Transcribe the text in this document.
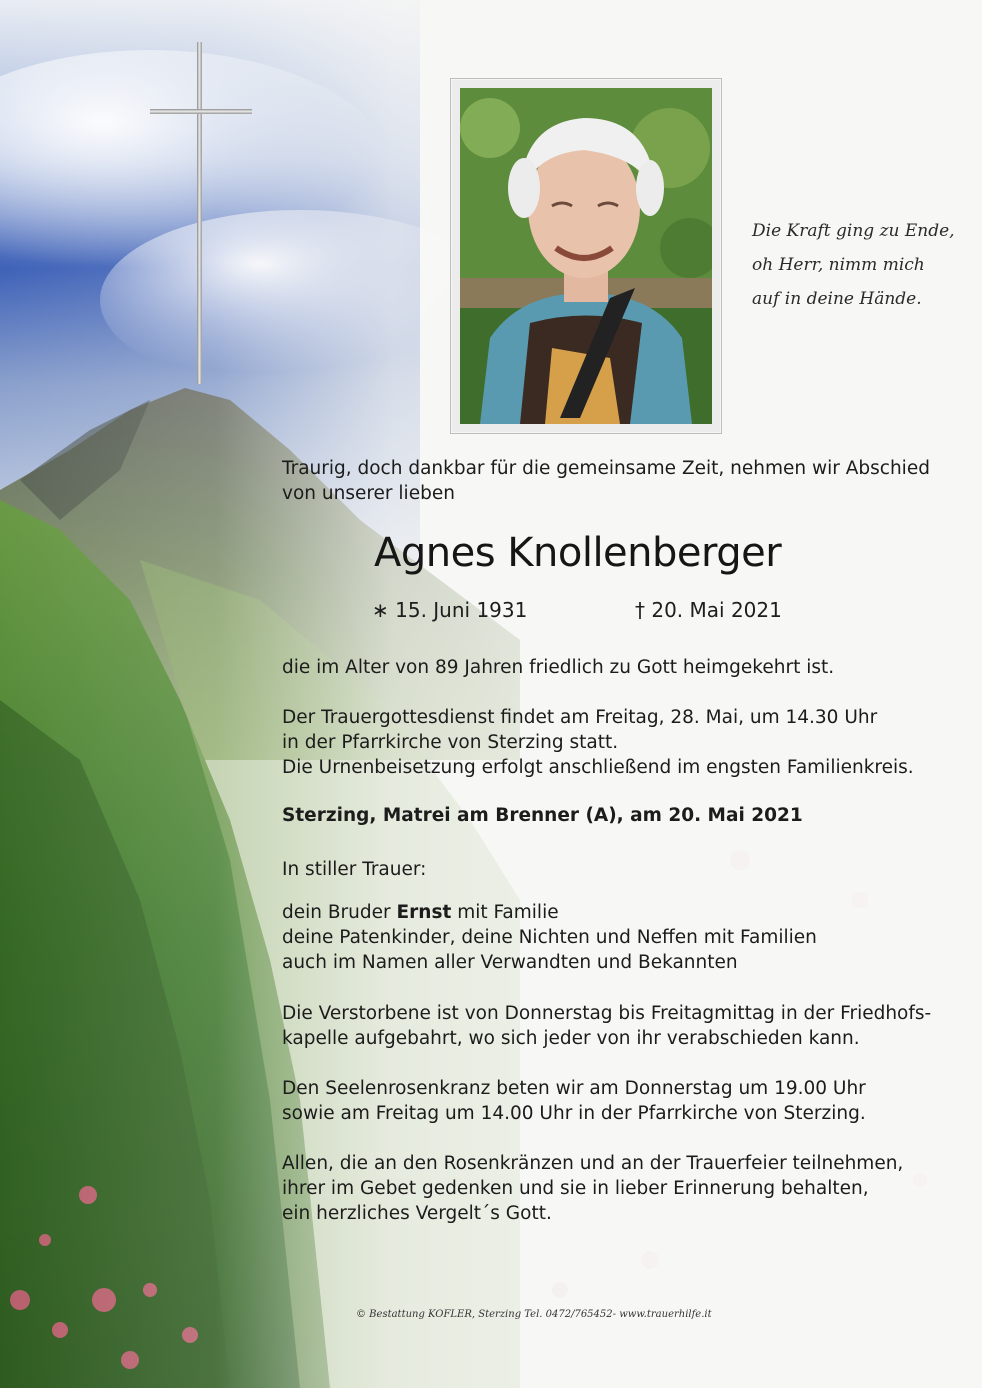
Die Kraft ging zu Ende,
oh Herr, nimm mich
auf in deine Hände.
Traurig, doch dankbar für die gemeinsame Zeit, nehmen wir Abschied
von unserer lieben
Agnes Knollenberger
∗ 15. Juni 1931	† 20. Mai 2021
die im Alter von 89 Jahren friedlich zu Gott heimgekehrt ist.
Der Trauergottesdienst findet am Freitag, 28. Mai, um 14.30 Uhr
in der Pfarrkirche von Sterzing statt.
Die Urnenbeisetzung erfolgt anschließend im engsten Familienkreis.
Sterzing, Matrei am Brenner (A), am 20. Mai 2021
In stiller Trauer:
dein Bruder Ernst mit Familie
deine Patenkinder, deine Nichten und Neffen mit Familien
auch im Namen aller Verwandten und Bekannten
Die Verstorbene ist von Donnerstag bis Freitagmittag in der Friedhofs-
kapelle aufgebahrt, wo sich jeder von ihr verabschieden kann.
Den Seelenrosenkranz beten wir am Donnerstag um 19.00 Uhr
sowie am Freitag um 14.00 Uhr in der Pfarrkirche von Sterzing.
Allen, die an den Rosenkränzen und an der Trauerfeier teilnehmen,
ihrer im Gebet gedenken und sie in lieber Erinnerung behalten,
ein herzliches Vergelt´s Gott.
© Bestattung KOFLER, Sterzing Tel. 0472/765452- www.trauerhilfe.it
